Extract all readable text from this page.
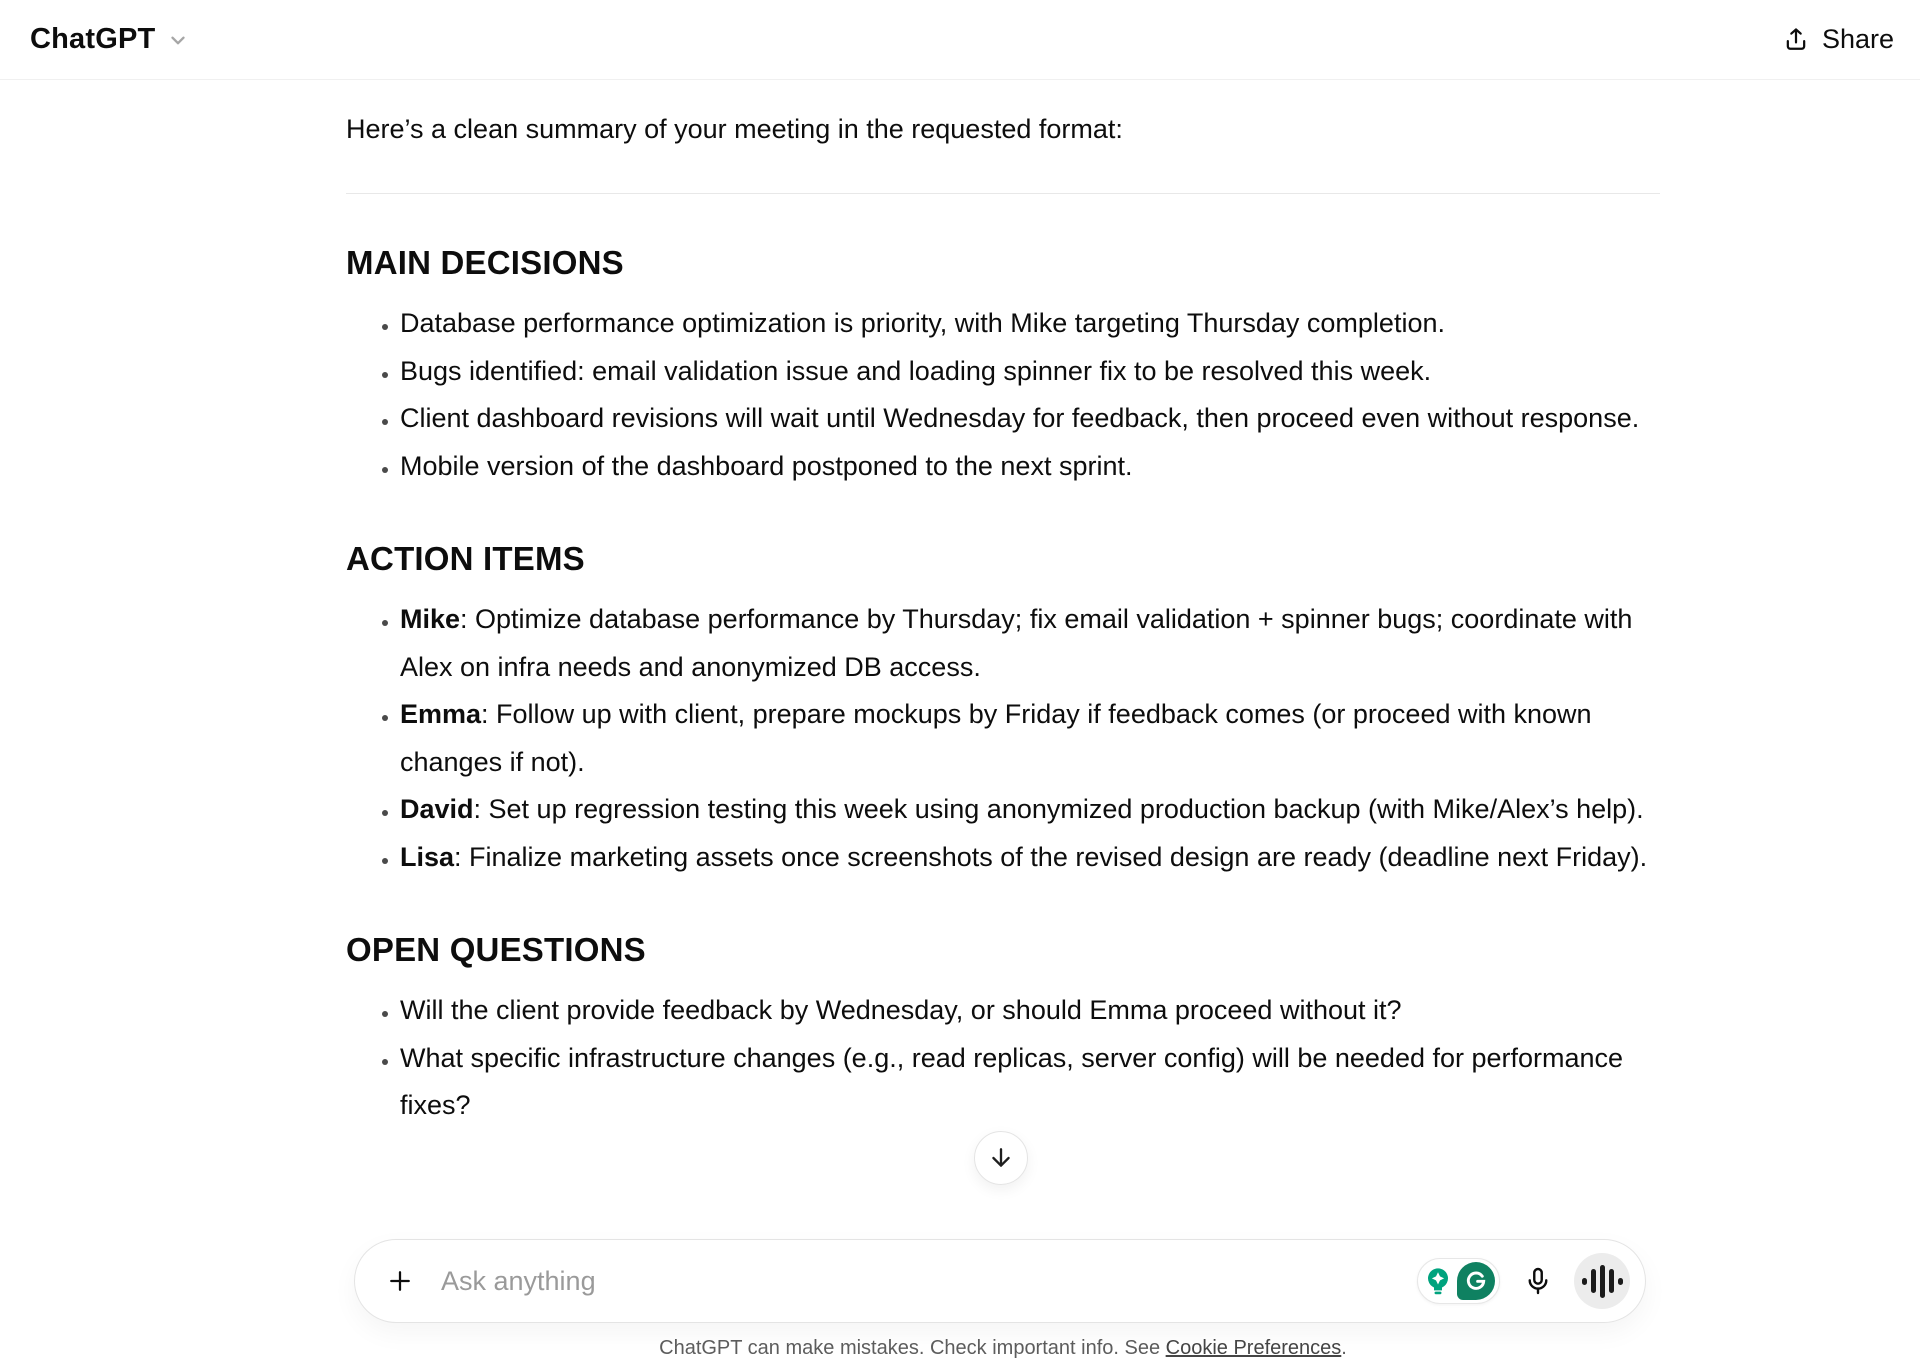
ChatGPT	Share

Here’s a clean summary of your meeting in the requested format:

MAIN DECISIONS
• Database performance optimization is priority, with Mike targeting Thursday completion.
• Bugs identified: email validation issue and loading spinner fix to be resolved this week.
• Client dashboard revisions will wait until Wednesday for feedback, then proceed even without response.
• Mobile version of the dashboard postponed to the next sprint.
ACTION ITEMS
• Mike: Optimize database performance by Thursday; fix email validation + spinner bugs; coordinate with Alex on infra needs and anonymized DB access.
• Emma: Follow up with client, prepare mockups by Friday if feedback comes (or proceed with known changes if not).
• David: Set up regression testing this week using anonymized production backup (with Mike/Alex’s help).
• Lisa: Finalize marketing assets once screenshots of the revised design are ready (deadline next Friday).
OPEN QUESTIONS
• Will the client provide feedback by Wednesday, or should Emma proceed without it?
• What specific infrastructure changes (e.g., read replicas, server config) will be needed for performance fixes?
Ask anything
ChatGPT can make mistakes. Check important info. See Cookie Preferences.
